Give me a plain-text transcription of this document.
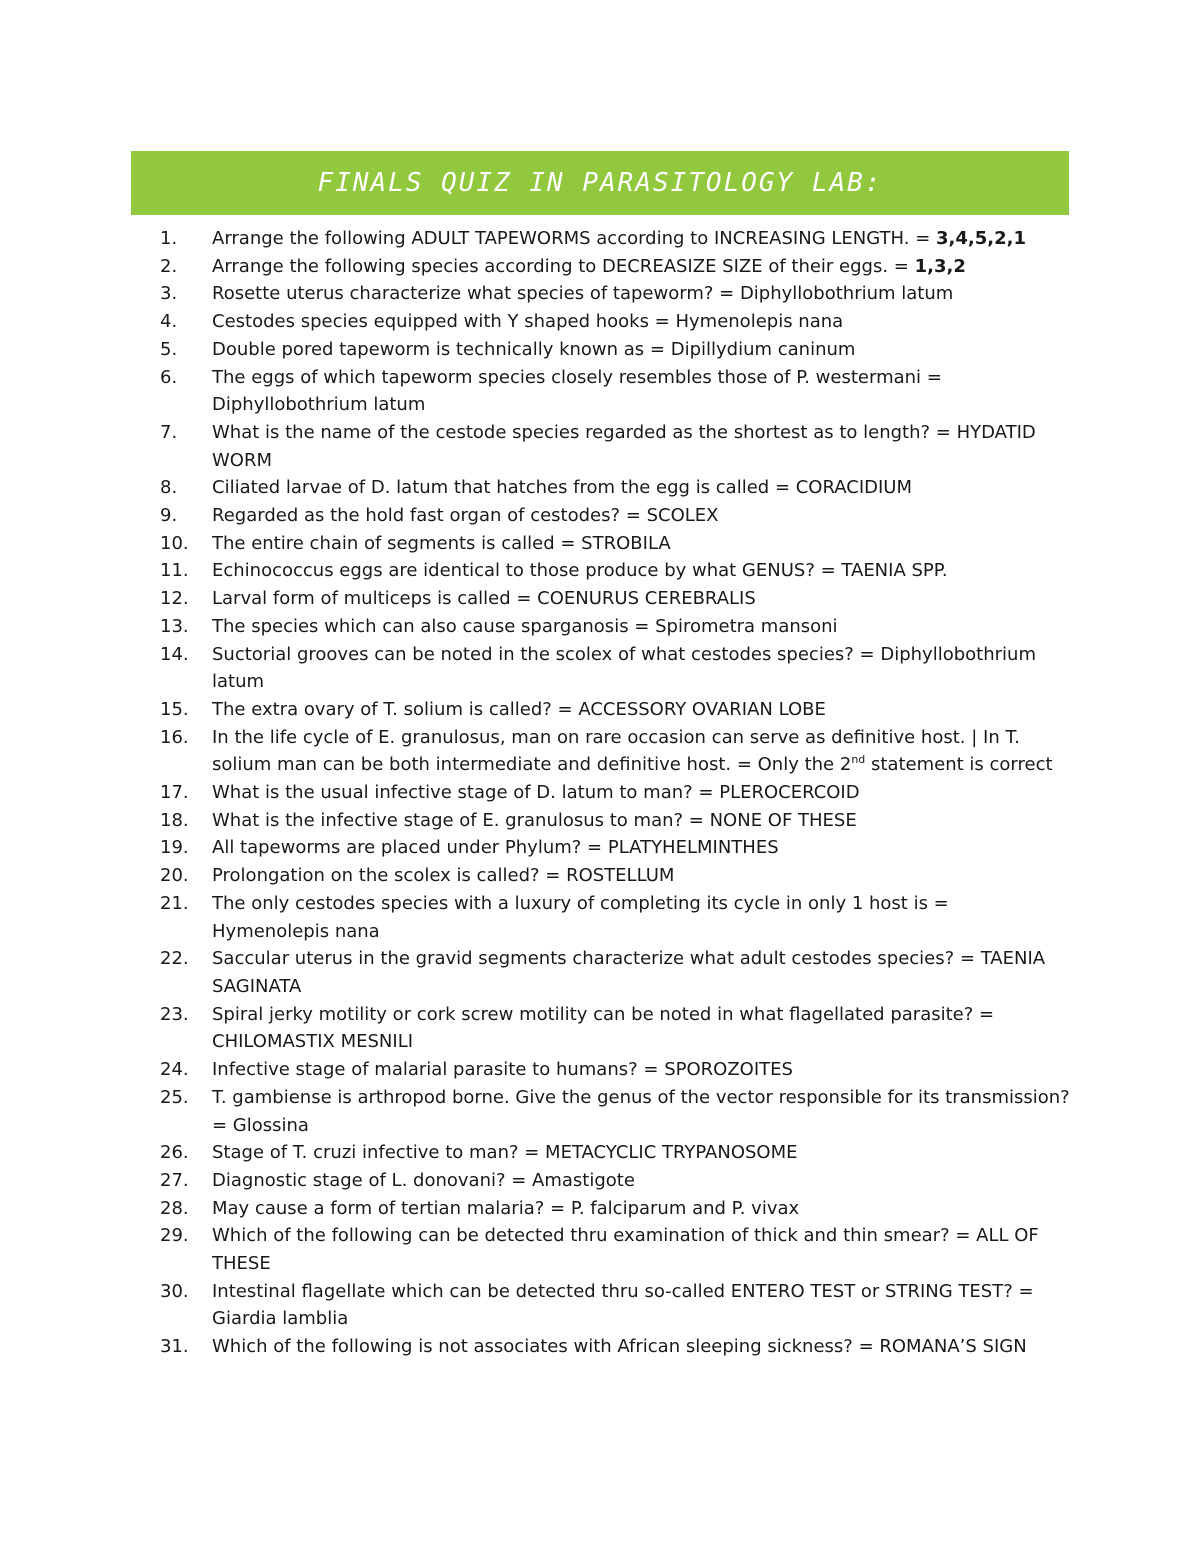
FINALS QUIZ IN PARASITOLOGY LAB:
1.	Arrange the following ADULT TAPEWORMS according to INCREASING LENGTH. = 3,4,5,2,1
2.	Arrange the following species according to DECREASIZE SIZE of their eggs. = 1,3,2
3.	Rosette uterus characterize what species of tapeworm? = Diphyllobothrium latum
4.	Cestodes species equipped with Y shaped hooks = Hymenolepis nana
5.	Double pored tapeworm is technically known as = Dipillydium caninum
6.	The eggs of which tapeworm species closely resembles those of P. westermani = Diphyllobothrium latum
7.	What is the name of the cestode species regarded as the shortest as to length? = HYDATID WORM
8.	Ciliated larvae of D. latum that hatches from the egg is called = CORACIDIUM
9.	Regarded as the hold fast organ of cestodes? = SCOLEX
10.	The entire chain of segments is called = STROBILA
11.	Echinococcus eggs are identical to those produce by what GENUS? = TAENIA SPP.
12.	Larval form of multiceps is called = COENURUS CEREBRALIS
13.	The species which can also cause sparganosis = Spirometra mansoni
14.	Suctorial grooves can be noted in the scolex of what cestodes species? = Diphyllobothrium latum
15.	The extra ovary of T. solium is called? = ACCESSORY OVARIAN LOBE
16.	In the life cycle of E. granulosus, man on rare occasion can serve as definitive host. | In T. solium man can be both intermediate and definitive host. = Only the 2nd statement is correct
17.	What is the usual infective stage of D. latum to man? = PLEROCERCOID
18.	What is the infective stage of E. granulosus to man? = NONE OF THESE
19.	All tapeworms are placed under Phylum? = PLATYHELMINTHES
20.	Prolongation on the scolex is called? = ROSTELLUM
21.	The only cestodes species with a luxury of completing its cycle in only 1 host is = Hymenolepis nana
22.	Saccular uterus in the gravid segments characterize what adult cestodes species? = TAENIA SAGINATA
23.	Spiral jerky motility or cork screw motility can be noted in what flagellated parasite? = CHILOMASTIX MESNILI
24.	Infective stage of malarial parasite to humans? = SPOROZOITES
25.	T. gambiense is arthropod borne. Give the genus of the vector responsible for its transmission? = Glossina
26.	Stage of T. cruzi infective to man? = METACYCLIC TRYPANOSOME
27.	Diagnostic stage of L. donovani? = Amastigote
28.	May cause a form of tertian malaria? = P. falciparum and P. vivax
29.	Which of the following can be detected thru examination of thick and thin smear? = ALL OF THESE
30.	Intestinal flagellate which can be detected thru so-called ENTERO TEST or STRING TEST? = Giardia lamblia
31.	Which of the following is not associates with African sleeping sickness? = ROMANA’S SIGN
